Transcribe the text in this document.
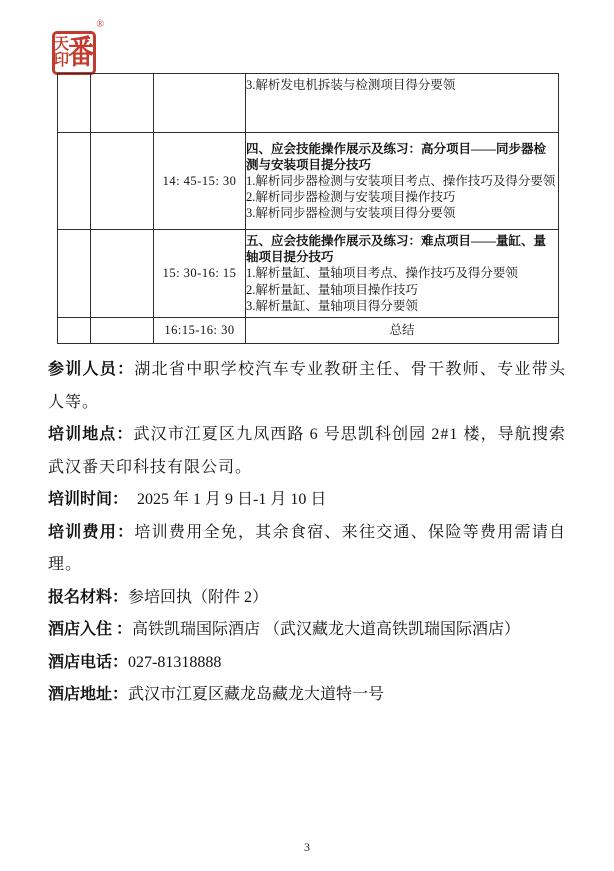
天
印 番
®

			3.解析发电机拆装与检测项目得分要领

		14: 45-15: 30	四、应会技能操作展示及练习：高分项目——同步器检测与安装项目提分技巧
1.解析同步器检测与安装项目考点、操作技巧及得分要领
2.解析同步器检测与安装项目操作技巧
3.解析同步器检测与安装项目得分要领

		15: 30-16: 15	五、应会技能操作展示及练习：难点项目——量缸、量轴项目提分技巧
1.解析量缸、量轴项目考点、操作技巧及得分要领
2.解析量缸、量轴项目操作技巧
3.解析量缸、量轴项目得分要领

		16:15-16: 30	总结

参训人员：湖北省中职学校汽车专业教研主任、骨干教师、专业带头人等。

培训地点：武汉市江夏区九凤西路 6 号思凯科创园 2#1 楼，导航搜索武汉番天印科技有限公司。

培训时间： 2025 年 1 月 9 日-1 月 10 日

培训费用：培训费用全免，其余食宿、来往交通、保险等费用需请自理。

报名材料：参培回执（附件 2）

酒店入住 ：高铁凯瑞国际酒店 （武汉藏龙大道高铁凯瑞国际酒店）

酒店电话：027-81318888

酒店地址：武汉市江夏区藏龙岛藏龙大道特一号

3
